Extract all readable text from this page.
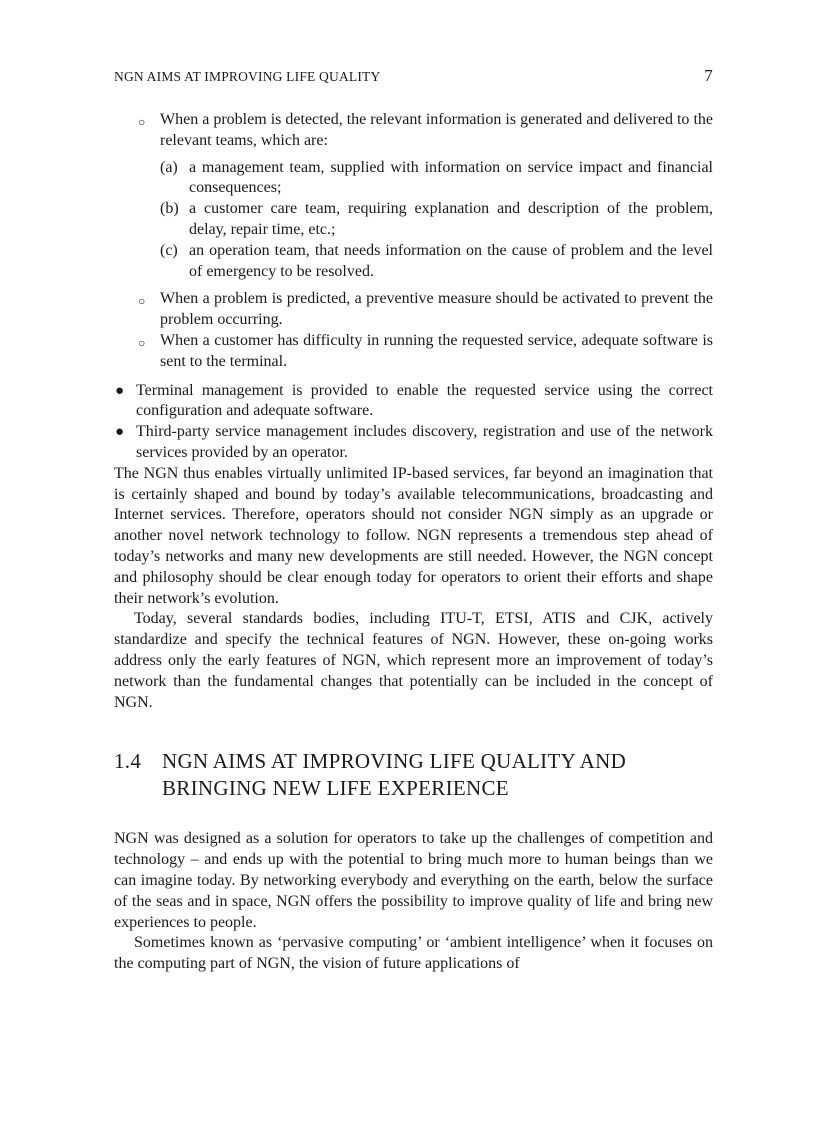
NGN AIMS AT IMPROVING LIFE QUALITY	7
○ When a problem is detected, the relevant information is generated and delivered to the relevant teams, which are:

(a) a management team, supplied with information on service impact and financial consequences;

(b) a customer care team, requiring explanation and description of the problem, delay, repair time, etc.;

(c) an operation team, that needs information on the cause of problem and the level of emergency to be resolved.

○ When a problem is predicted, a preventive measure should be activated to prevent the problem occurring.

○ When a customer has difficulty in running the requested service, adequate software is sent to the terminal.

● Terminal management is provided to enable the requested service using the correct configuration and adequate software.

● Third-party service management includes discovery, registration and use of the network services provided by an operator.

The NGN thus enables virtually unlimited IP-based services, far beyond an imagination that is certainly shaped and bound by today’s available telecommunications, broadcasting and Internet services. Therefore, operators should not consider NGN simply as an upgrade or another novel network technology to follow. NGN represents a tremendous step ahead of today’s networks and many new developments are still needed. However, the NGN concept and philosophy should be clear enough today for operators to orient their efforts and shape their network’s evolution.

Today, several standards bodies, including ITU-T, ETSI, ATIS and CJK, actively standardize and specify the technical features of NGN. However, these on-going works address only the early features of NGN, which represent more an improvement of today’s network than the fundamental changes that potentially can be included in the concept of NGN.

1.4 NGN AIMS AT IMPROVING LIFE QUALITY AND
BRINGING NEW LIFE EXPERIENCE

NGN was designed as a solution for operators to take up the challenges of competition and technology – and ends up with the potential to bring much more to human beings than we can imagine today. By networking everybody and everything on the earth, below the surface of the seas and in space, NGN offers the possibility to improve quality of life and bring new experiences to people.

Sometimes known as ‘pervasive computing’ or ‘ambient intelligence’ when it focuses on the computing part of NGN, the vision of future applications of
